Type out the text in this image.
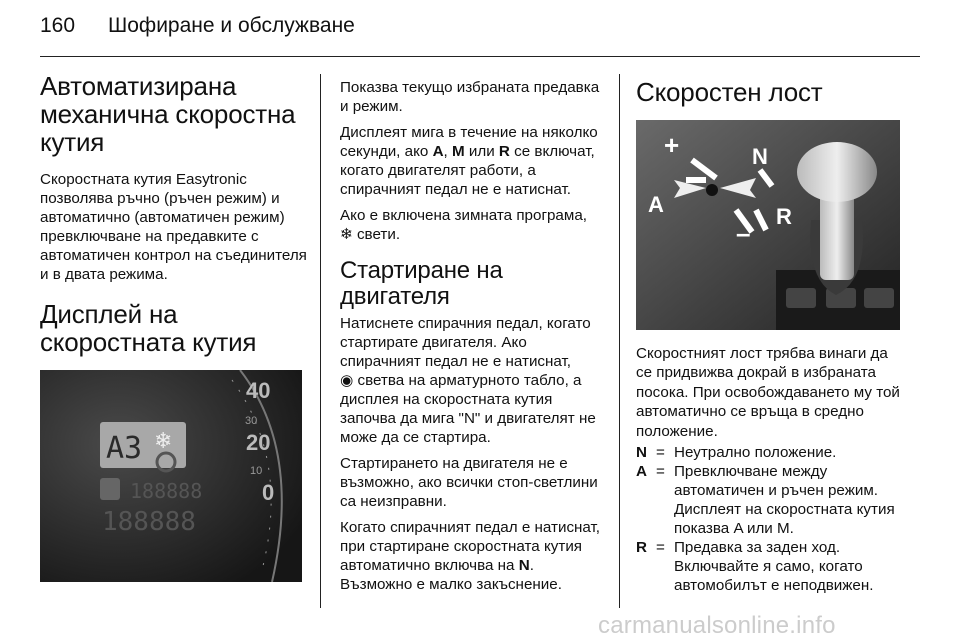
160 Шофиране и обслужване
Автоматизирана механична скоростна кутия

Скоростната кутия Easytronic позволява ръчно (ръчен режим) и автоматично (автоматичен режим) превключване на предавките с автоматичен контрол на съединителя и в двата режима.

Дисплей на скоростната кутия
40
30
20
10
0
A3 ❄
188888
188888

Показва текущо избраната предавка и режим.

Дисплеят мига в течение на няколко секунди, ако A, M или R се включат, когато двигателят работи, а спирачният педал не е натиснат.

Ако е включена зимната програма,
❄ свети.

Стартиране на двигателя

Натиснете спирачния педал, когато стартирате двигателя. Ако спирачният педал не е натиснат,
◉ светва на арматурното табло, а дисплея на скоростната кутия започва да мига "N" и двигателят не може да се стартира.

Стартирането на двигателя не е възможно, ако всички стоп-светлини са неизправни.

Когато спирачният педал е натиснат, при стартиране скоростната кутия автоматично включва на N. Възможно е малко закъснение.

Скоростен лост
+	N
A	R
–

Скоростният лост трябва винаги да се придвижва докрай в избраната посока. При освобождаването му той автоматично се връща в средно положение.

N = Неутрално положение.
A = Превключване между автоматичен и ръчен режим. Дисплеят на скоростната кутия показва A или M.
R = Предавка за заден ход. Включвайте я само, когато автомобилът е неподвижен.
carmanualsonline.info
